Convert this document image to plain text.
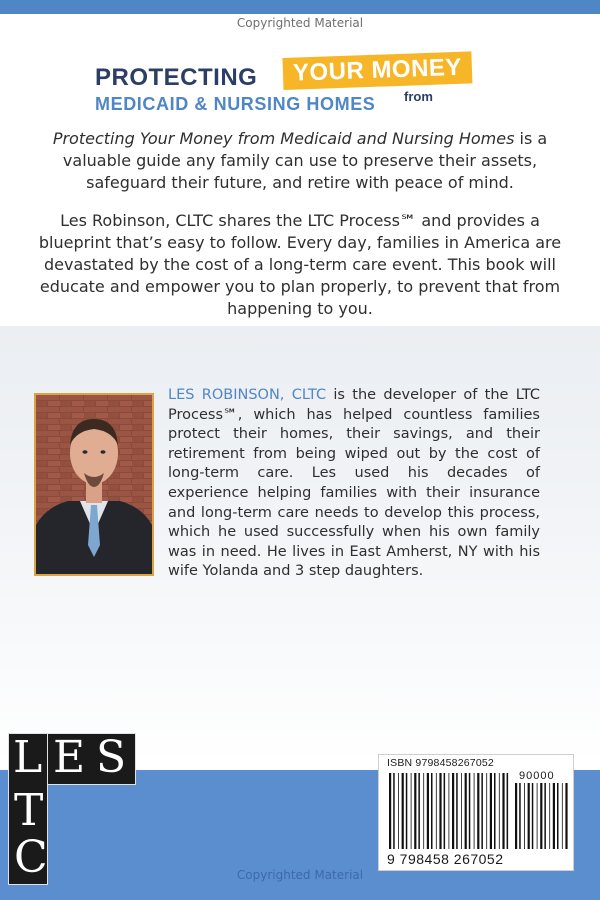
Copyrighted Material
PROTECTING	YOUR MONEY
from
MEDICAID & NURSING HOMES

Protecting Your Money from Medicaid and Nursing Homes is a valuable guide any family can use to preserve their assets, safeguard their future, and retire with peace of mind.

Les Robinson, CLTC shares the LTC Process℠ and provides a blueprint that’s easy to follow. Every day, families in America are devastated by the cost of a long-term care event. This book will educate and empower you to plan properly, to prevent that from happening to you.

LES ROBINSON, CLTC is the developer of the LTC Process℠, which has helped countless families protect their homes, their savings, and their retirement from being wiped out by the cost of long-term care. Les used his decades of experience helping families with their insurance and long-term care needs to develop this process, which he used successfully when his own family was in need. He lives in East Amherst, NY with his wife Yolanda and 3 step daughters.
L E S
T
C
ISBN 9798458267052
90000
9 798458 267052
Copyrighted Material
